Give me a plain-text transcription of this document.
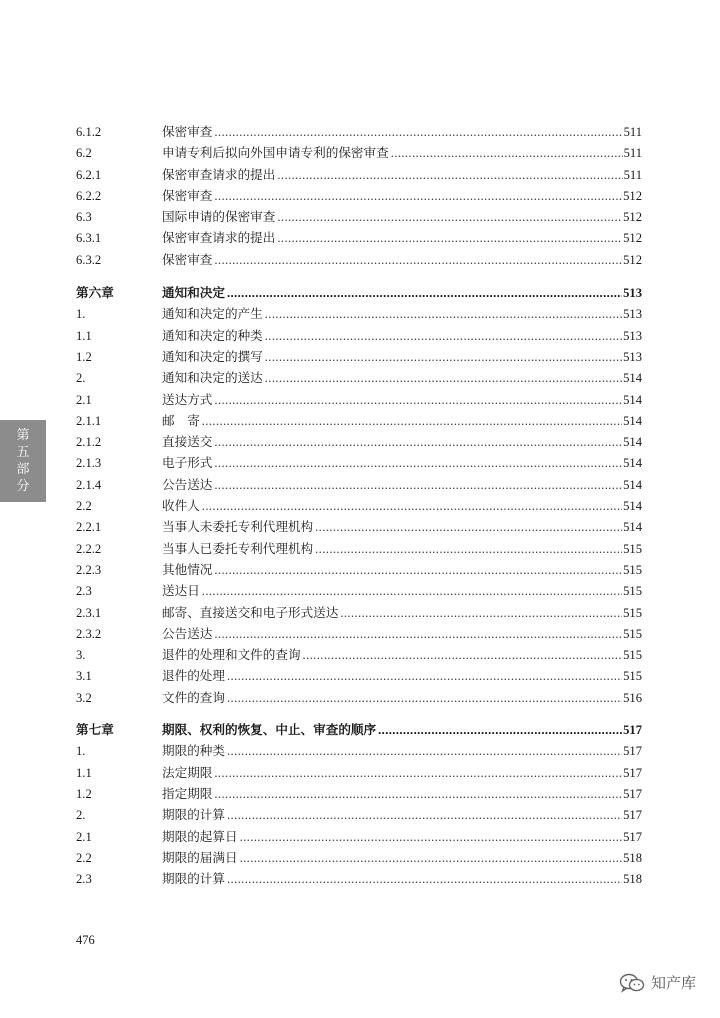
6.1.2	保密审查 .....	511
6.2	申请专利后拟向外国申请专利的保密审查 .....	511
6.2.1	保密审查请求的提出 .....	511
6.2.2	保密审查 .....	512
6.3	国际申请的保密审查 .....	512
6.3.1	保密审查请求的提出 .....	512
6.3.2	保密审查 .....	512
第六章	通知和决定 .....	513
1.	通知和决定的产生 .....	513
1.1	通知和决定的种类 .....	513
1.2	通知和决定的撰写 .....	513
2.	通知和决定的送达 .....	514
2.1	送达方式 .....	514
2.1.1	邮　寄 .....	514
2.1.2	直接送交 .....	514
2.1.3	电子形式 .....	514
2.1.4	公告送达 .....	514
2.2	收件人 .....	514
2.2.1	当事人未委托专利代理机构 .....	514
2.2.2	当事人已委托专利代理机构 .....	515
2.2.3	其他情况 .....	515
2.3	送达日 .....	515
2.3.1	邮寄、直接送交和电子形式送达 .....	515
2.3.2	公告送达 .....	515
3.	退件的处理和文件的查询 .....	515
3.1	退件的处理 .....	515
3.2	文件的查询 .....	516
第七章	期限、权利的恢复、中止、审查的顺序 .....	517
1.	期限的种类 .....	517
1.1	法定期限 .....	517
1.2	指定期限 .....	517
2.	期限的计算 .....	517
2.1	期限的起算日 .....	517
2.2	期限的届满日 .....	518
2.3	期限的计算 .....	518
第五部分
476
知产库
